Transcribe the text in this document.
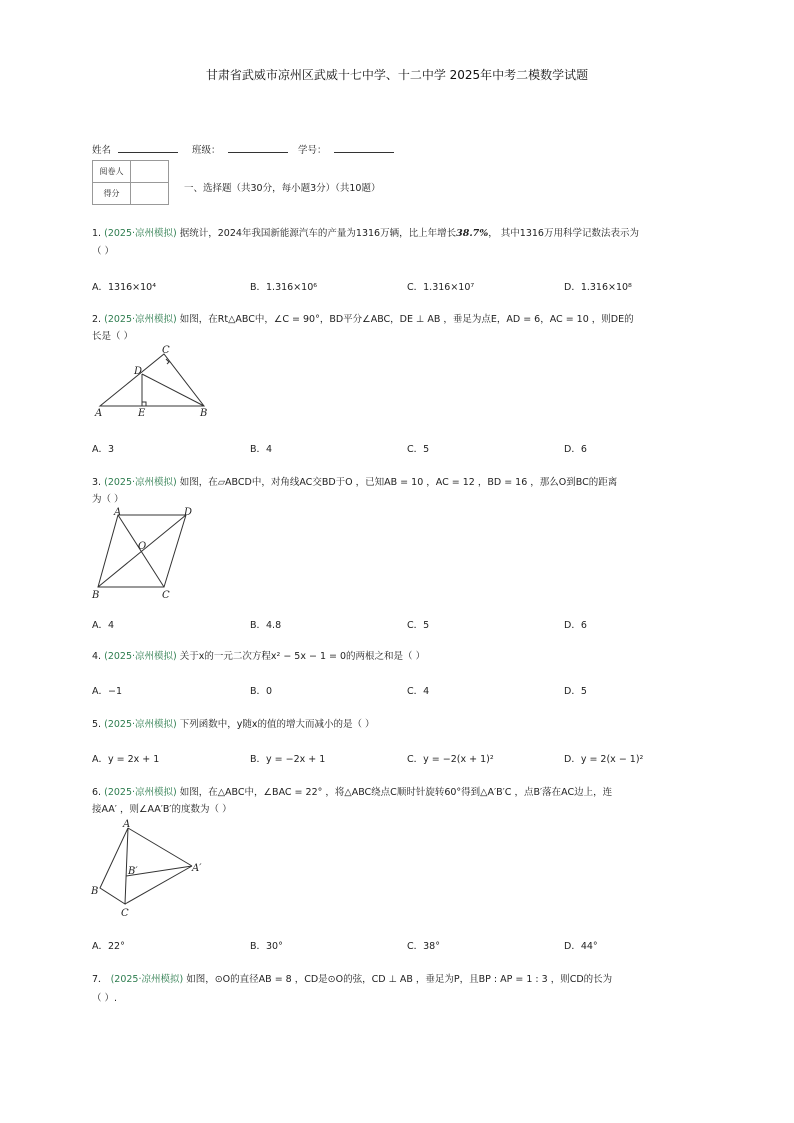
甘肃省武威市凉州区武威十七中学、十二中学 2025年中考二模数学试题
姓名	班级：	学号：
阅卷人	
得分		一、选择题（共30分，每小题3分）（共10题）
1. (2025·凉州模拟) 据统计，2024年我国新能源汽车的产量为1316万辆，比上年增长38.7%， 其中1316万用科学记数法表示为
（ ）
A．1316×10⁴	B．1.316×10⁶	C．1.316×10⁷	D．1.316×10⁸
2. (2025·凉州模拟) 如图，在Rt△ABC中，∠C = 90°，BD平分∠ABC，DE ⊥ AB ，垂足为点E，AD = 6，AC = 10 ，则DE的
长是（ ）
A	B
C
D
E
A．3	B．4	C．5	D．6
3. (2025·凉州模拟) 如图，在▱ABCD中，对角线AC交BD于O ，已知AB = 10 ，AC = 12 ，BD = 16 ，那么O到BC的距离
为（ ）
A	D
B	C
O
A．4	B．4.8	C．5	D．6
4. (2025·凉州模拟) 关于x的一元二次方程x² − 5x − 1 = 0的两根之和是（ ）
A．−1	B．0	C．4	D．5
5. (2025·凉州模拟) 下列函数中，y随x的值的增大而减小的是（ ）
A．y = 2x + 1	B．y = −2x + 1	C．y = −2(x + 1)²	D．y = 2(x − 1)²
6. (2025·凉州模拟) 如图，在△ABC中，∠BAC = 22° ，将△ABC绕点C顺时针旋转60°得到△A′B′C ，点B′落在AC边上，连
接AA′ ，则∠AA′B′的度数为（ ）
A
B
C
B′	A′
A．22°	B．30°	C．38°	D．44°
7． (2025·凉州模拟) 如图，⊙O的直径AB = 8 ，CD是⊙O的弦，CD ⊥ AB ，垂足为P，且BP : AP = 1 : 3 ，则CD的长为
（ ）.
